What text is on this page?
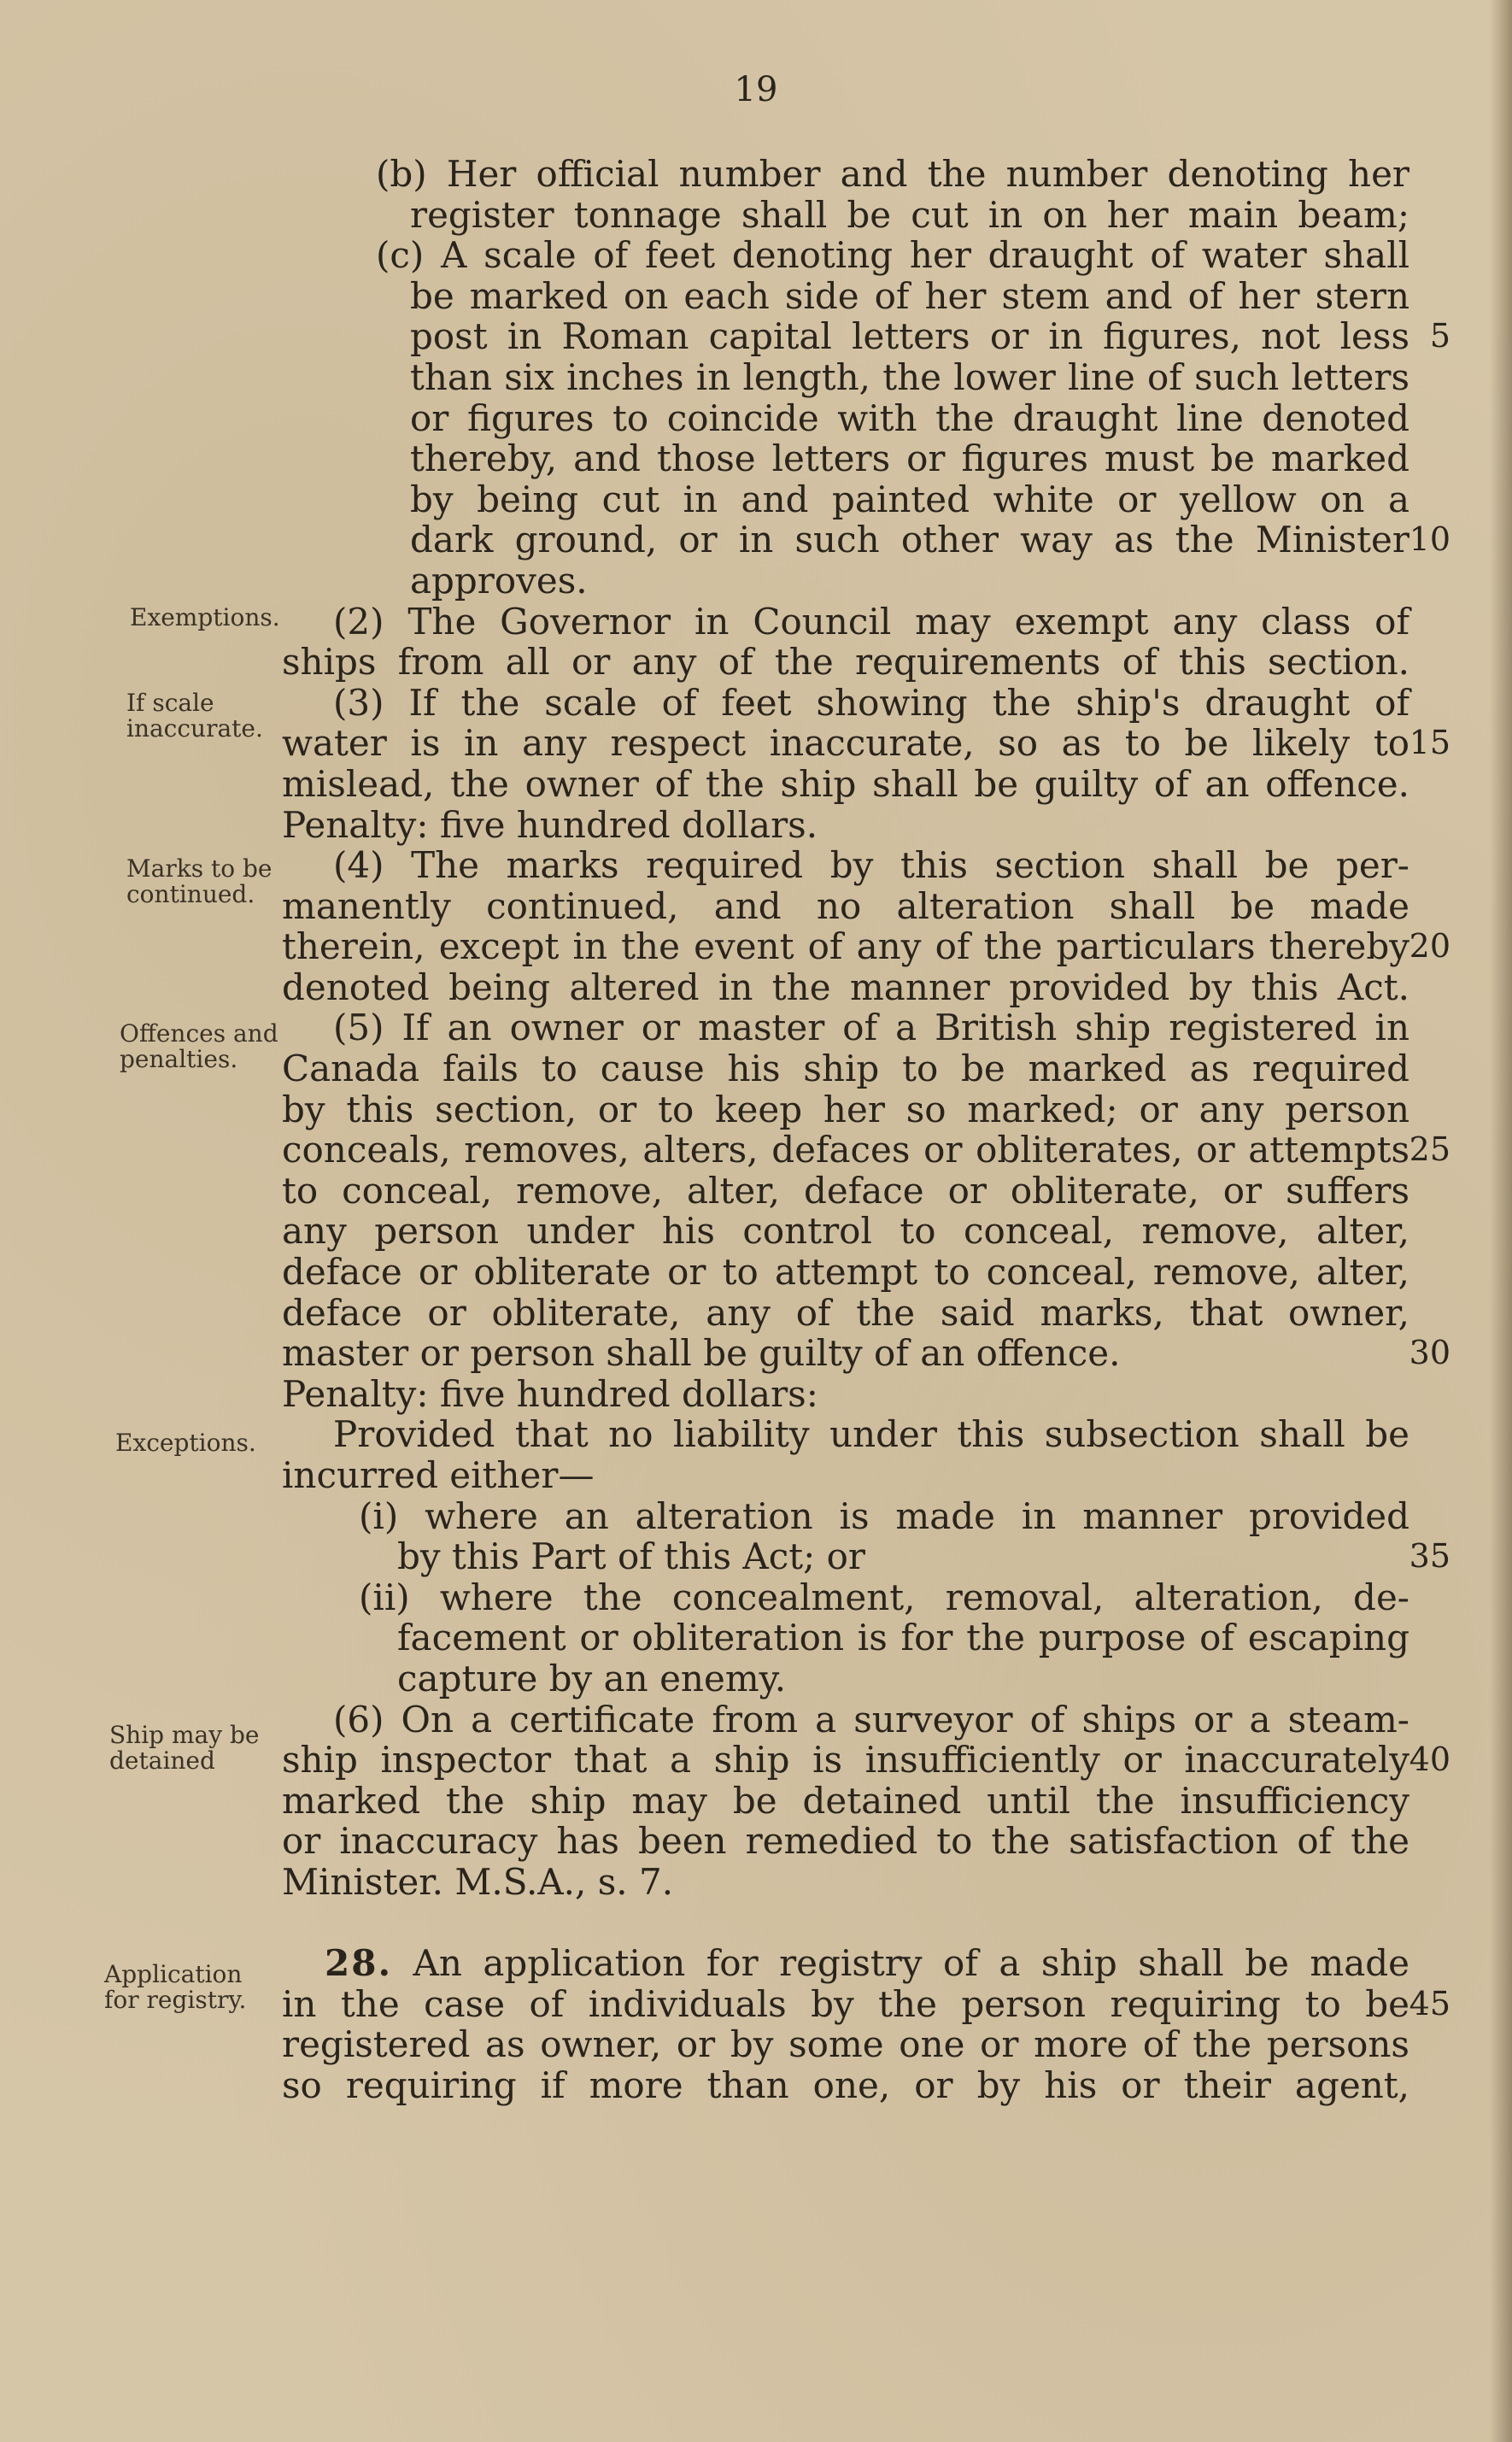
19
Exemptions.
If scale inaccurate.
Marks to be continued.
Offences and penalties.
Exceptions.
Ship may be detained
Application for registry.
(b) Her official number and the number denoting her
register tonnage shall be cut in on her main beam;
(c) A scale of feet denoting her draught of water shall
be marked on each side of her stem and of her stern
post in Roman capital letters or in figures, not less 5
than six inches in length, the lower line of such letters
or figures to coincide with the draught line denoted
thereby, and those letters or figures must be marked
by being cut in and painted white or yellow on a
dark ground, or in such other way as the Minister 10
approves.
(2) The Governor in Council may exempt any class of
ships from all or any of the requirements of this section.
(3) If the scale of feet showing the ship's draught of
water is in any respect inaccurate, so as to be likely to 15
mislead, the owner of the ship shall be guilty of an offence.
Penalty: five hundred dollars.
(4) The marks required by this section shall be per-
manently continued, and no alteration shall be made
therein, except in the event of any of the particulars thereby 20
denoted being altered in the manner provided by this Act.
(5) If an owner or master of a British ship registered in
Canada fails to cause his ship to be marked as required
by this section, or to keep her so marked; or any person
conceals, removes, alters, defaces or obliterates, or attempts 25
to conceal, remove, alter, deface or obliterate, or suffers
any person under his control to conceal, remove, alter,
deface or obliterate or to attempt to conceal, remove, alter,
deface or obliterate, any of the said marks, that owner,
master or person shall be guilty of an offence.	30
Penalty: five hundred dollars:
Provided that no liability under this subsection shall be
incurred either—
(i) where an alteration is made in manner provided
by this Part of this Act; or	35
(ii) where the concealment, removal, alteration, de-
facement or obliteration is for the purpose of escaping
capture by an enemy.
(6) On a certificate from a surveyor of ships or a steam-
ship inspector that a ship is insufficiently or inaccurately 40
marked the ship may be detained until the insufficiency
or inaccuracy has been remedied to the satisfaction of the
Minister. M.S.A., s. 7.
28. An application for registry of a ship shall be made
in the case of individuals by the person requiring to be 45
registered as owner, or by some one or more of the persons
so requiring if more than one, or by his or their agent,
